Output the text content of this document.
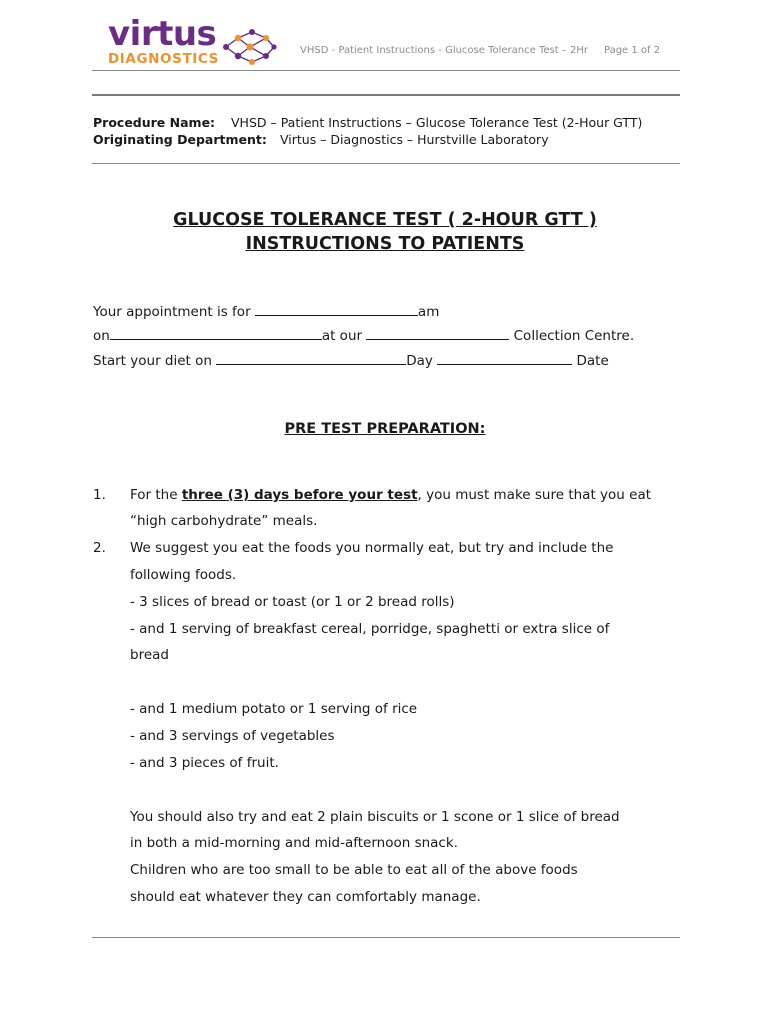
virtus
DIAGNOSTICS
VHSD - Patient Instructions - Glucose Tolerance Test – 2Hr Page 1 of 2
Procedure Name: VHSD – Patient Instructions – Glucose Tolerance Test (2-Hour GTT)
Originating Department: Virtus – Diagnostics – Hurstville Laboratory
GLUCOSE TOLERANCE TEST ( 2-HOUR GTT )
INSTRUCTIONS TO PATIENTS
Your appointment is for	am
on	at our	Collection Centre.
Start your diet on	Day	Date
PRE TEST PREPARATION:
1. For the three (3) days before your test, you must make sure that you eat
“high carbohydrate” meals.
2. We suggest you eat the foods you normally eat, but try and include the
following foods.
- 3 slices of bread or toast (or 1 or 2 bread rolls)
- and 1 serving of breakfast cereal, porridge, spaghetti or extra slice of
bread
- and 1 medium potato or 1 serving of rice
- and 3 servings of vegetables
- and 3 pieces of fruit.
You should also try and eat 2 plain biscuits or 1 scone or 1 slice of bread
in both a mid-morning and mid-afternoon snack.
Children who are too small to be able to eat all of the above foods
should eat whatever they can comfortably manage.
